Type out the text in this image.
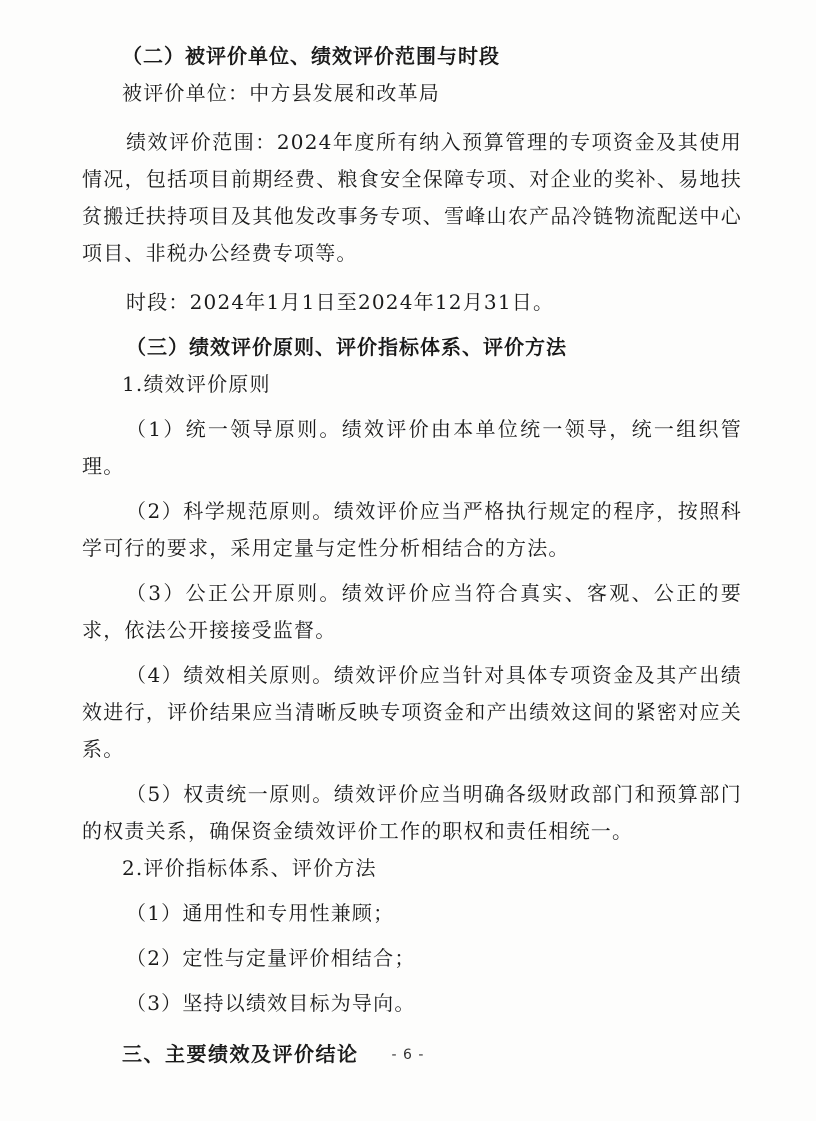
（二）被评价单位、绩效评价范围与时段

被评价单位：中方县发展和改革局

绩效评价范围：2024年度所有纳入预算管理的专项资金及其使用情况，包括项目前期经费、粮食安全保障专项、对企业的奖补、易地扶贫搬迁扶持项目及其他发改事务专项、雪峰山农产品冷链物流配送中心项目、非税办公经费专项等。

时段：2024年1月1日至2024年12月31日。

（三）绩效评价原则、评价指标体系、评价方法

1.绩效评价原则

（1）统一领导原则。绩效评价由本单位统一领导，统一组织管理。

（2）科学规范原则。绩效评价应当严格执行规定的程序，按照科学可行的要求，采用定量与定性分析相结合的方法。

（3）公正公开原则。绩效评价应当符合真实、客观、公正的要求，依法公开接接受监督。

（4）绩效相关原则。绩效评价应当针对具体专项资金及其产出绩效进行，评价结果应当清晰反映专项资金和产出绩效这间的紧密对应关系。

（5）权责统一原则。绩效评价应当明确各级财政部门和预算部门的权责关系，确保资金绩效评价工作的职权和责任相统一。

2.评价指标体系、评价方法

（1）通用性和专用性兼顾；

（2）定性与定量评价相结合；

（3）坚持以绩效目标为导向。

三、主要绩效及评价结论	- 6 -
